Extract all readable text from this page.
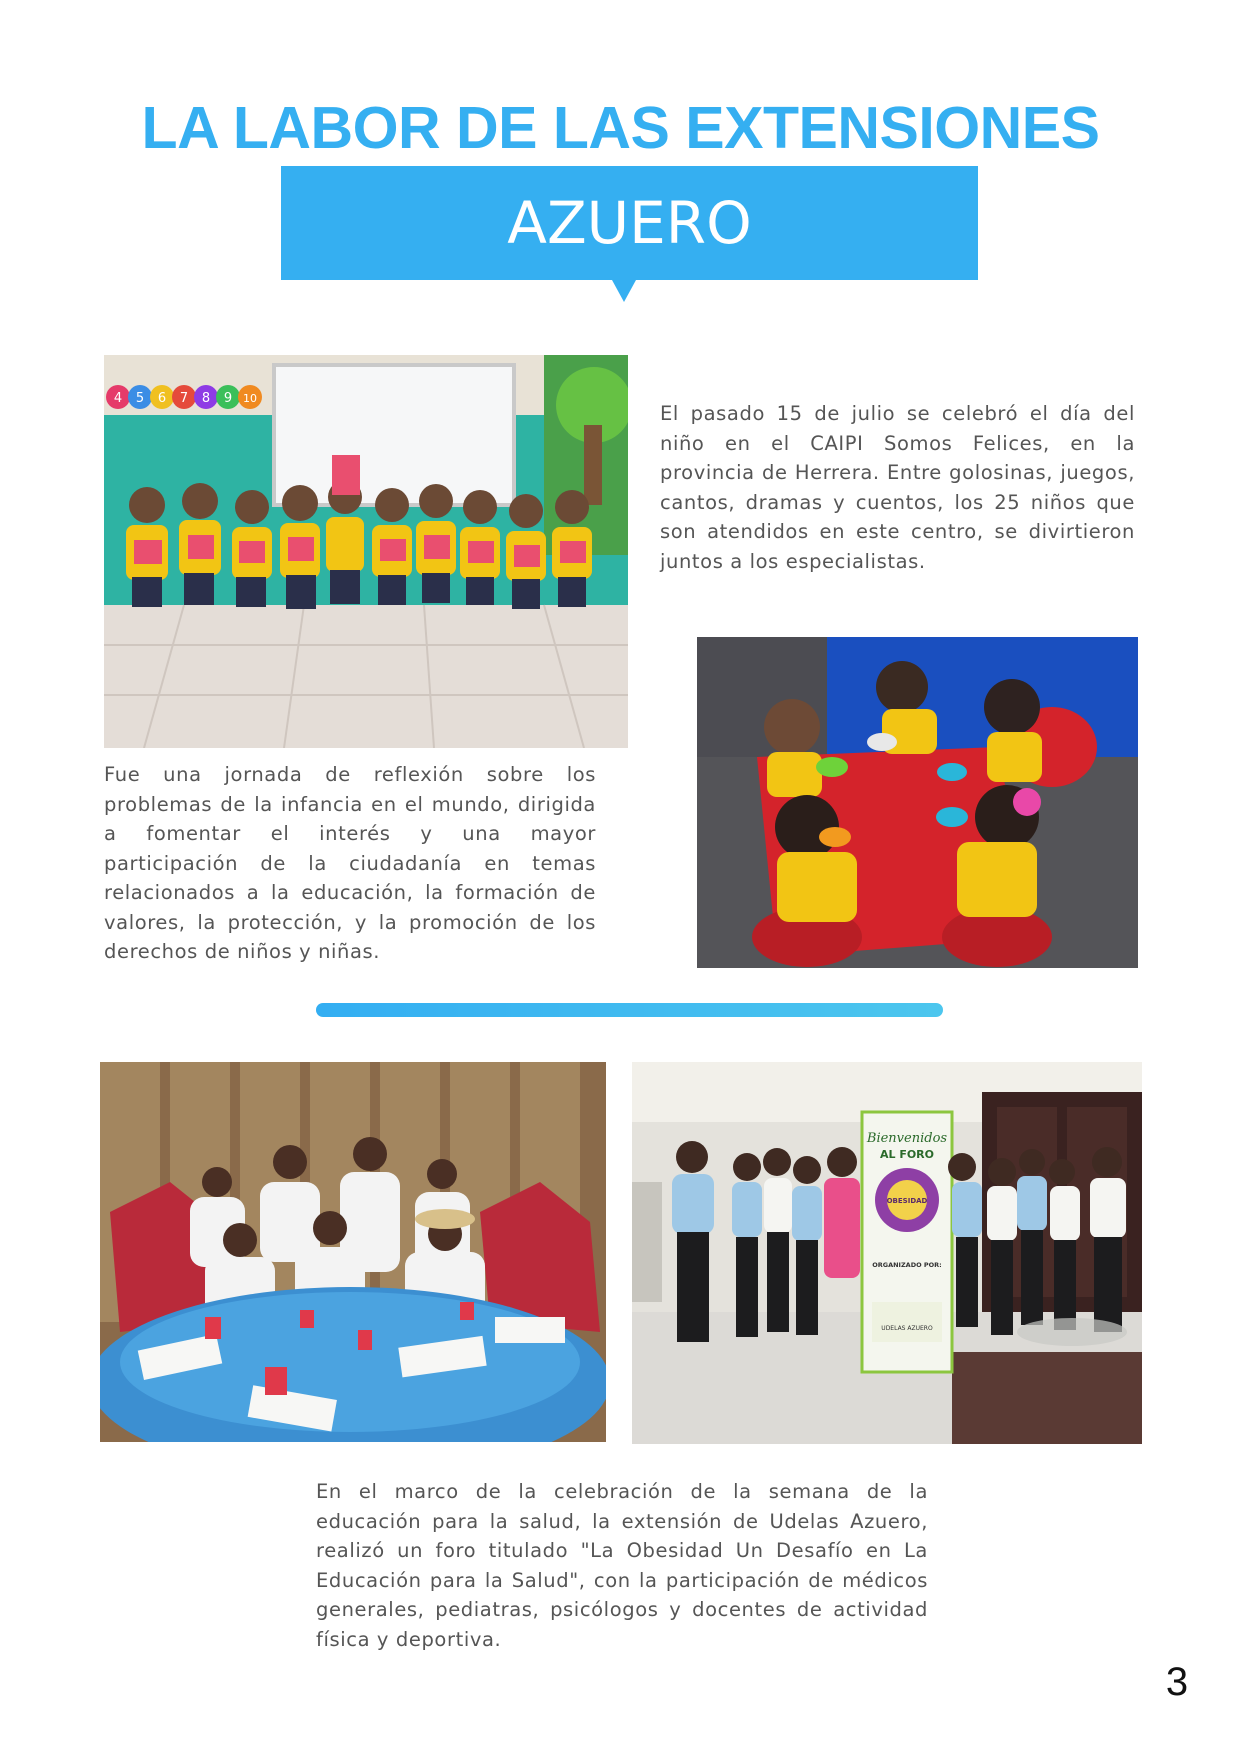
LA LABOR DE LAS EXTENSIONES
AZUERO
4 5 6 7 8 9 10

El pasado 15 de julio se celebró el día del niño en el CAIPI Somos Felices, en la provincia de Herrera. Entre golosinas, juegos, cantos, dramas y cuentos, los 25 niños que son atendidos en este centro, se divirtieron juntos a los especialistas.

Fue una jornada de reflexión sobre los problemas de la infancia en el mundo, dirigida a fomentar el interés y una mayor participación de la ciudadanía en temas relacionados a la educación, la formación de valores, la protección, y la promoción de los derechos de niños y niñas.

Bienvenidos
AL FORO
OBESIDAD
ORGANIZADO POR:
UDELAS AZUERO

En el marco de la celebración de la semana de la educación para la salud, la extensión de Udelas Azuero, realizó un foro titulado "La Obesidad Un Desafío en La Educación para la Salud", con la participación de médicos generales, pediatras, psicólogos y docentes de actividad física y deportiva.

3
